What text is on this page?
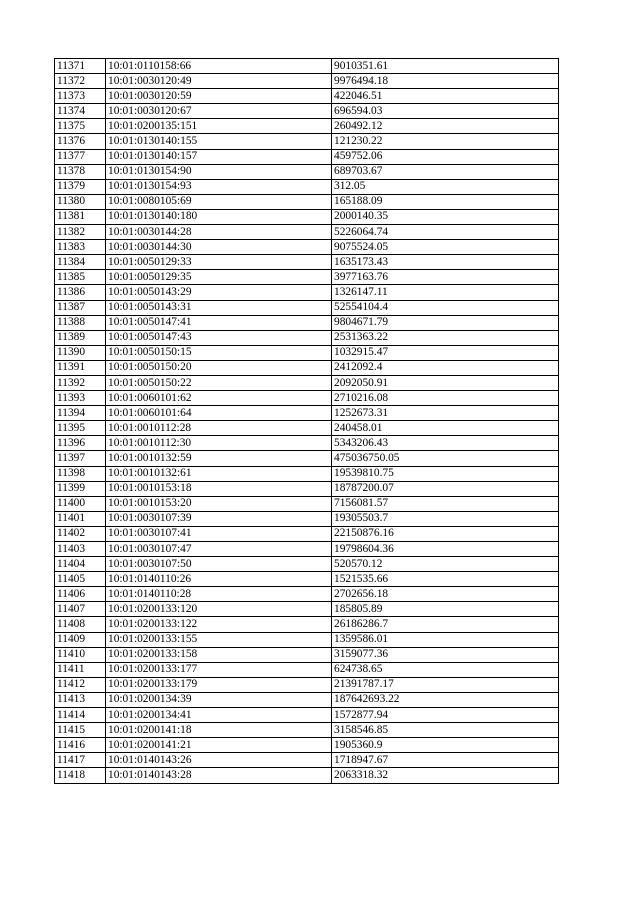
11371	10:01:0110158:66	9010351.61
11372	10:01:0030120:49	9976494.18
11373	10:01:0030120:59	422046.51
11374	10:01:0030120:67	696594.03
11375	10:01:0200135:151	260492.12
11376	10:01:0130140:155	121230.22
11377	10:01:0130140:157	459752.06
11378	10:01:0130154:90	689703.67
11379	10:01:0130154:93	312.05
11380	10:01:0080105:69	165188.09
11381	10:01:0130140:180	2000140.35
11382	10:01:0030144:28	5226064.74
11383	10:01:0030144:30	9075524.05
11384	10:01:0050129:33	1635173.43
11385	10:01:0050129:35	3977163.76
11386	10:01:0050143:29	1326147.11
11387	10:01:0050143:31	52554104.4
11388	10:01:0050147:41	9804671.79
11389	10:01:0050147:43	2531363.22
11390	10:01:0050150:15	1032915.47
11391	10:01:0050150:20	2412092.4
11392	10:01:0050150:22	2092050.91
11393	10:01:0060101:62	2710216.08
11394	10:01:0060101:64	1252673.31
11395	10:01:0010112:28	240458.01
11396	10:01:0010112:30	5343206.43
11397	10:01:0010132:59	475036750.05
11398	10:01:0010132:61	19539810.75
11399	10:01:0010153:18	18787200.07
11400	10:01:0010153:20	7156081.57
11401	10:01:0030107:39	19305503.7
11402	10:01:0030107:41	22150876.16
11403	10:01:0030107:47	19798604.36
11404	10:01:0030107:50	520570.12
11405	10:01:0140110:26	1521535.66
11406	10:01:0140110:28	2702656.18
11407	10:01:0200133:120	185805.89
11408	10:01:0200133:122	26186286.7
11409	10:01:0200133:155	1359586.01
11410	10:01:0200133:158	3159077.36
11411	10:01:0200133:177	624738.65
11412	10:01:0200133:179	21391787.17
11413	10:01:0200134:39	187642693.22
11414	10:01:0200134:41	1572877.94
11415	10:01:0200141:18	3158546.85
11416	10:01:0200141:21	1905360.9
11417	10:01:0140143:26	1718947.67
11418	10:01:0140143:28	2063318.32
